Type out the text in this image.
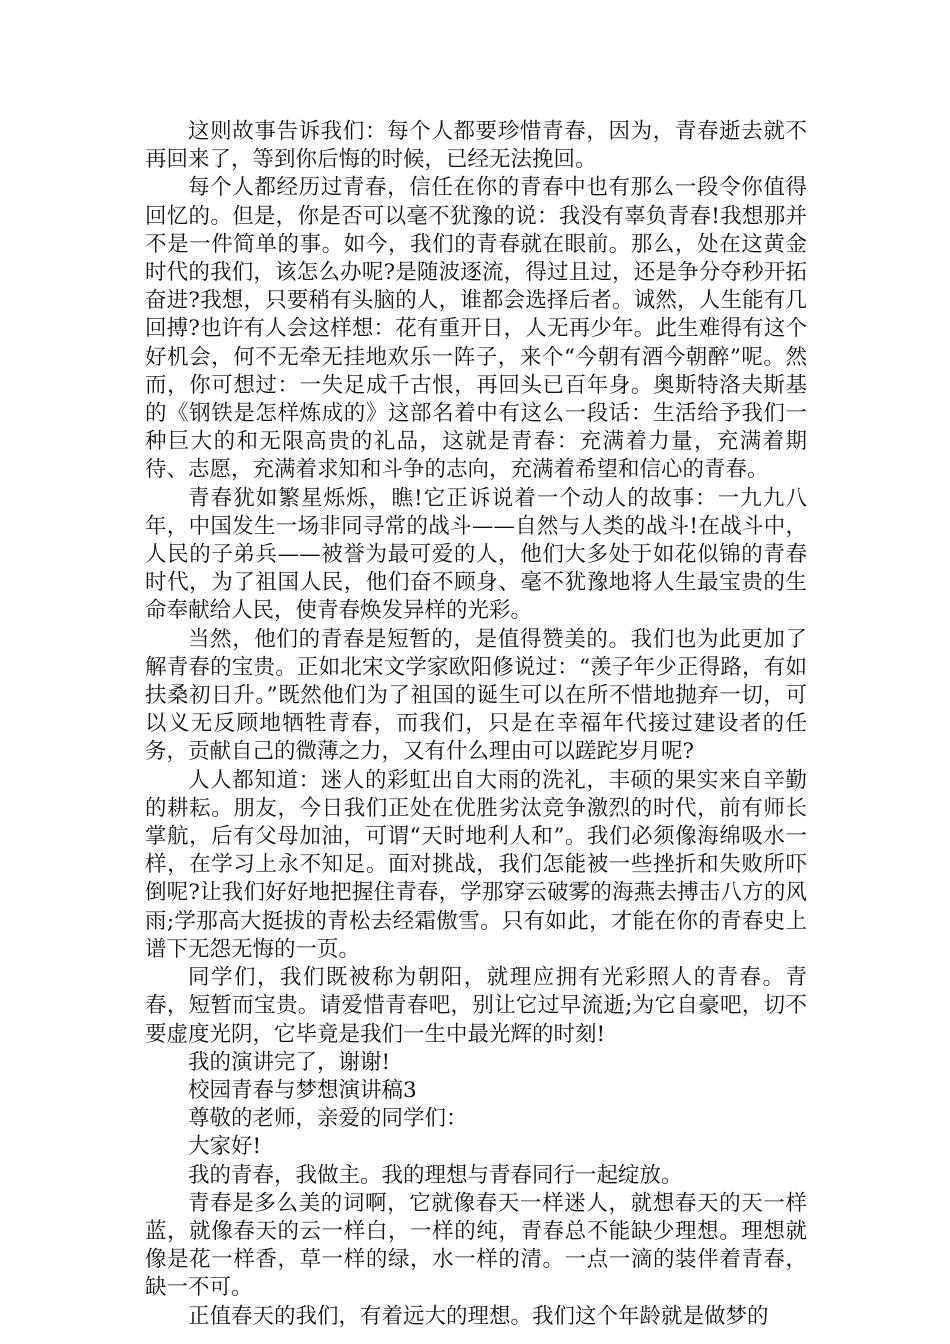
这则故事告诉我们：每个人都要珍惜青春，因为，青春逝去就不再回来了，等到你后悔的时候，已经无法挽回。

每个人都经历过青春，信任在你的青春中也有那么一段令你值得回忆的。但是，你是否可以毫不犹豫的说：我没有辜负青春!我想那并不是一件简单的事。如今，我们的青春就在眼前。那么，处在这黄金时代的我们，该怎么办呢?是随波逐流，得过且过，还是争分夺秒开拓奋进?我想，只要稍有头脑的人，谁都会选择后者。诚然，人生能有几回搏?也许有人会这样想：花有重开日，人无再少年。此生难得有这个好机会，何不无牵无挂地欢乐一阵子，来个“今朝有酒今朝醉”呢。然而，你可想过：一失足成千古恨，再回头已百年身。奥斯特洛夫斯基的《钢铁是怎样炼成的》这部名着中有这么一段话：生活给予我们一种巨大的和无限高贵的礼品，这就是青春：充满着力量，充满着期待、志愿，充满着求知和斗争的志向，充满着希望和信心的青春。

青春犹如繁星烁烁，瞧!它正诉说着一个动人的故事：一九九八年，中国发生一场非同寻常的战斗——自然与人类的战斗!在战斗中，人民的子弟兵——被誉为最可爱的人，他们大多处于如花似锦的青春时代，为了祖国人民，他们奋不顾身、毫不犹豫地将人生最宝贵的生命奉献给人民，使青春焕发异样的光彩。

当然，他们的青春是短暂的，是值得赞美的。我们也为此更加了解青春的宝贵。正如北宋文学家欧阳修说过：“羡子年少正得路，有如扶桑初日升。”既然他们为了祖国的诞生可以在所不惜地抛弃一切，可以义无反顾地牺牲青春，而我们，只是在幸福年代接过建设者的任务，贡献自己的微薄之力，又有什么理由可以蹉跎岁月呢?

人人都知道：迷人的彩虹出自大雨的洗礼，丰硕的果实来自辛勤的耕耘。朋友，今日我们正处在优胜劣汰竞争激烈的时代，前有师长掌航，后有父母加油，可谓“天时地利人和”。我们必须像海绵吸水一样，在学习上永不知足。面对挑战，我们怎能被一些挫折和失败所吓倒呢?让我们好好地把握住青春，学那穿云破雾的海燕去搏击八方的风雨;学那高大挺拔的青松去经霜傲雪。只有如此，才能在你的青春史上谱下无怨无悔的一页。

同学们，我们既被称为朝阳，就理应拥有光彩照人的青春。青春，短暂而宝贵。请爱惜青春吧，别让它过早流逝;为它自豪吧，切不要虚度光阴，它毕竟是我们一生中最光辉的时刻!

我的演讲完了，谢谢!

校园青春与梦想演讲稿3

尊敬的老师，亲爱的同学们：

大家好!

我的青春，我做主。我的理想与青春同行一起绽放。

青春是多么美的词啊，它就像春天一样迷人，就想春天的天一样蓝，就像春天的云一样白，一样的纯，青春总不能缺少理想。理想就像是花一样香，草一样的绿，水一样的清。一点一滴的装伴着青春，缺一不可。

正值春天的我们，有着远大的理想。我们这个年龄就是做梦的
